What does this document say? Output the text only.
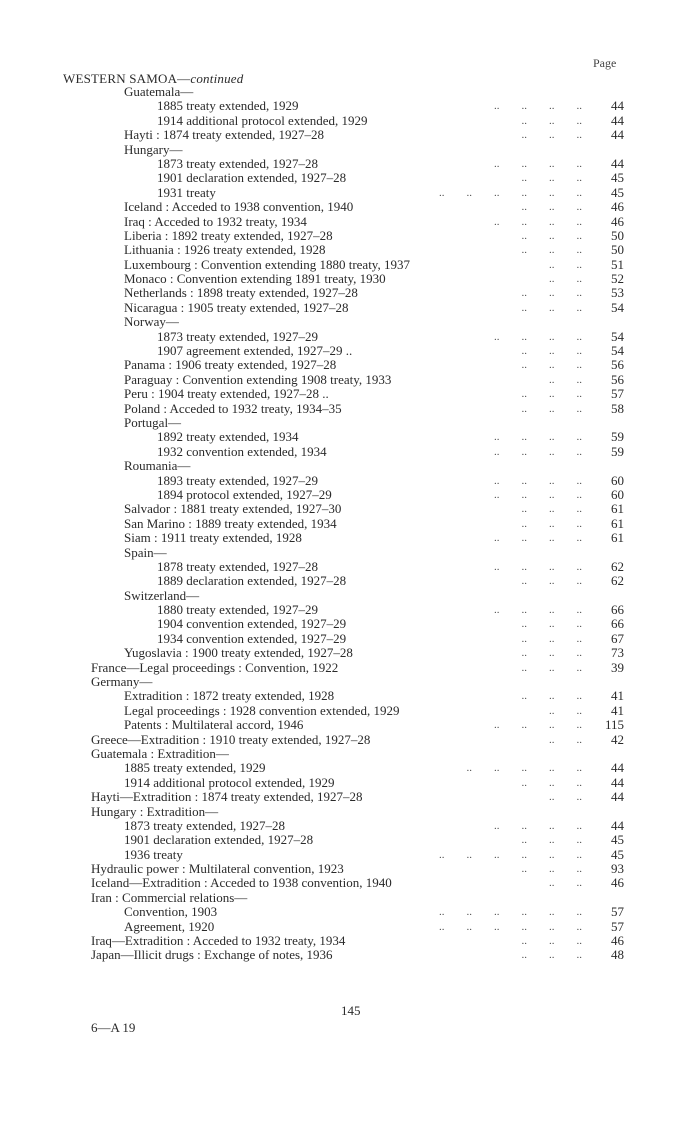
Page
WESTERN SAMOA—continued
Guatemala—
1885 treaty extended, 1929	..        ..        ..        ..	44
1914 additional protocol extended, 1929	..        ..        ..	44
Hayti : 1874 treaty extended, 1927–28	..        ..        ..	44
Hungary—
1873 treaty extended, 1927–28	..        ..        ..        ..	44
1901 declaration extended, 1927–28	..        ..        ..	45
1931 treaty	..        ..        ..        ..        ..        ..	45
Iceland : Acceded to 1938 convention, 1940	..        ..        ..	46
Iraq : Acceded to 1932 treaty, 1934	..        ..        ..        ..	46
Liberia : 1892 treaty extended, 1927–28	..        ..        ..	50
Lithuania : 1926 treaty extended, 1928	..        ..        ..	50
Luxembourg : Convention extending 1880 treaty, 1937	..        ..	51
Monaco : Convention extending 1891 treaty, 1930	..        ..	52
Netherlands : 1898 treaty extended, 1927–28	..        ..        ..	53
Nicaragua : 1905 treaty extended, 1927–28	..        ..        ..	54
Norway—
1873 treaty extended, 1927–29	..        ..        ..        ..	54
1907 agreement extended, 1927–29 ..	..        ..        ..	54
Panama : 1906 treaty extended, 1927–28	..        ..        ..	56
Paraguay : Convention extending 1908 treaty, 1933	..        ..	56
Peru : 1904 treaty extended, 1927–28 ..	..        ..        ..	57
Poland : Acceded to 1932 treaty, 1934–35	..        ..        ..	58
Portugal—
1892 treaty extended, 1934	..        ..        ..        ..	59
1932 convention extended, 1934	..        ..        ..        ..	59
Roumania—
1893 treaty extended, 1927–29	..        ..        ..        ..	60
1894 protocol extended, 1927–29	..        ..        ..        ..	60
Salvador : 1881 treaty extended, 1927–30	..        ..        ..	61
San Marino : 1889 treaty extended, 1934	..        ..        ..	61
Siam : 1911 treaty extended, 1928	..        ..        ..        ..	61
Spain—
1878 treaty extended, 1927–28	..        ..        ..        ..	62
1889 declaration extended, 1927–28	..        ..        ..	62
Switzerland—
1880 treaty extended, 1927–29	..        ..        ..        ..	66
1904 convention extended, 1927–29	..        ..        ..	66
1934 convention extended, 1927–29	..        ..        ..	67
Yugoslavia : 1900 treaty extended, 1927–28	..        ..        ..	73
France—Legal proceedings : Convention, 1922	..        ..        ..	39
Germany—
Extradition : 1872 treaty extended, 1928	..        ..        ..	41
Legal proceedings : 1928 convention extended, 1929	..        ..	41
Patents : Multilateral accord, 1946	..        ..        ..        ..	115
Greece—Extradition : 1910 treaty extended, 1927–28	..        ..	42
Guatemala : Extradition—
1885 treaty extended, 1929	..        ..        ..        ..        ..	44
1914 additional protocol extended, 1929	..        ..        ..	44
Hayti—Extradition : 1874 treaty extended, 1927–28	..        ..	44
Hungary : Extradition—
1873 treaty extended, 1927–28	..        ..        ..        ..	44
1901 declaration extended, 1927–28	..        ..        ..	45
1936 treaty	..        ..        ..        ..        ..        ..	45
Hydraulic power : Multilateral convention, 1923	..        ..        ..	93
Iceland—Extradition : Acceded to 1938 convention, 1940	..        ..	46
Iran : Commercial relations—
Convention, 1903	..        ..        ..        ..        ..        ..	57
Agreement, 1920	..        ..        ..        ..        ..        ..	57
Iraq—Extradition : Acceded to 1932 treaty, 1934	..        ..        ..	46
Japan—Illicit drugs : Exchange of notes, 1936	..        ..        ..	48
145
6—A 19
